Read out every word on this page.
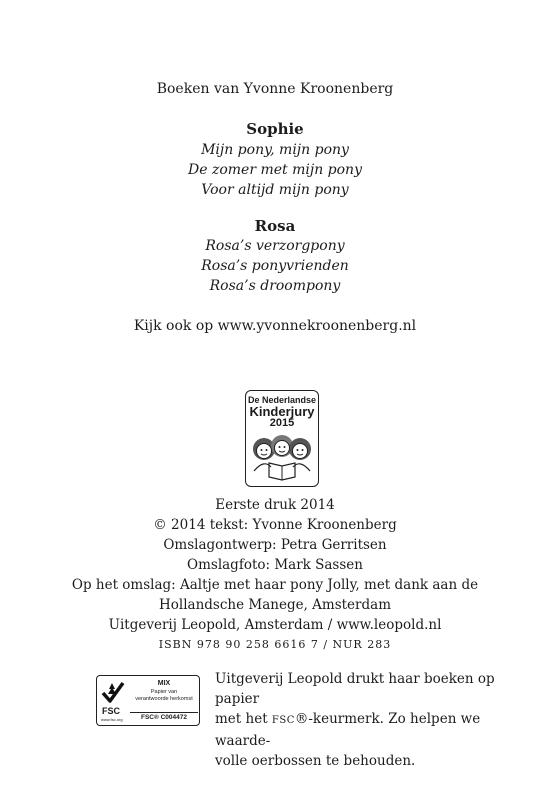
Boeken van Yvonne Kroonenberg
Sophie
Mijn pony, mijn pony
De zomer met mijn pony
Voor altijd mijn pony
Rosa
Rosa’s verzorgpony
Rosa’s ponyvrienden
Rosa’s droompony
Kijk ook op www.yvonnekroonenberg.nl
De Nederlandse
Kinderjury
2015
Eerste druk 2014
© 2014 tekst: Yvonne Kroonenberg
Omslagontwerp: Petra Gerritsen
Omslagfoto: Mark Sassen
Op het omslag: Aaltje met haar pony Jolly, met dank aan de
Hollandsche Manege, Amsterdam
Uitgeverij Leopold, Amsterdam / www.leopold.nl
ISBN 978 90 258 6616 7 / NUR 283
FSC
www.fsc.org
MIX
Papier van
verantwoorde herkomst
FSC® C004472
Uitgeverij Leopold drukt haar boeken op papier
met het FSC®-keurmerk. Zo helpen we waarde-
volle oerbossen te behouden.
